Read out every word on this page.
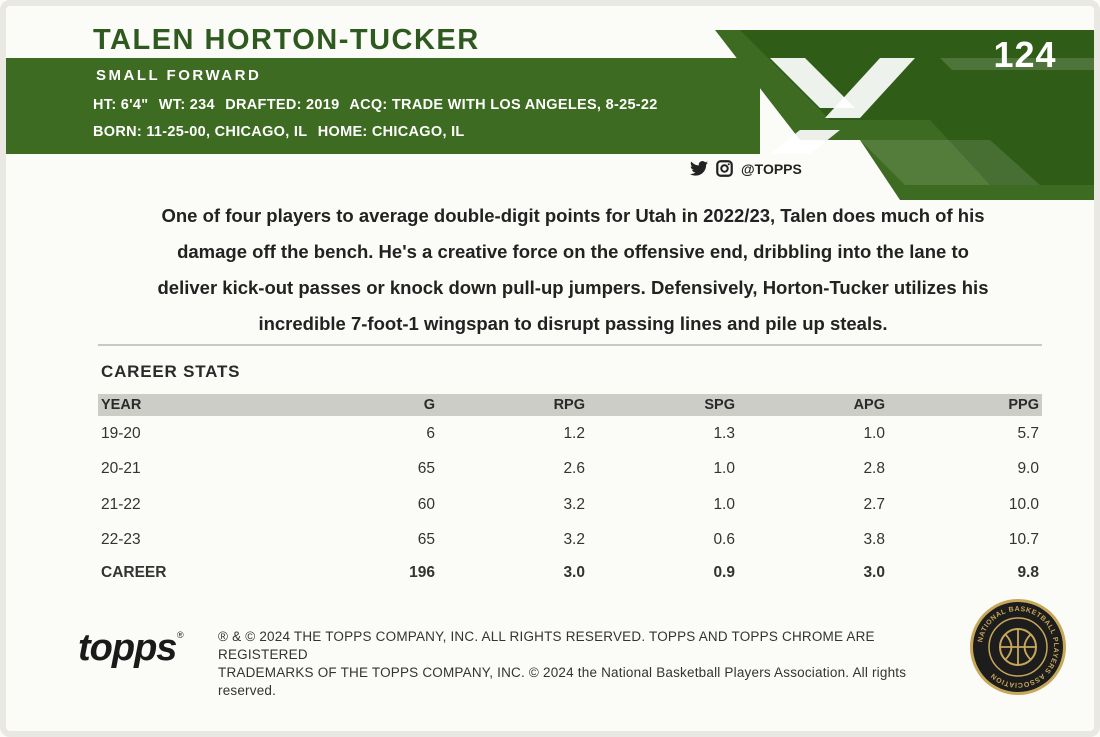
TALEN HORTON-TUCKER
SMALL FORWARD
HT: 6'4" WT: 234 DRAFTED: 2019 ACQ: TRADE WITH LOS ANGELES, 8-25-22
BORN: 11-25-00, CHICAGO, IL HOME: CHICAGO, IL
124
@TOPPS
One of four players to average double-digit points for Utah in 2022/23, Talen does much of his
damage off the bench. He's a creative force on the offensive end, dribbling into the lane to
deliver kick-out passes or knock down pull-up jumpers. Defensively, Horton-Tucker utilizes his
incredible 7-foot-1 wingspan to disrupt passing lines and pile up steals.
CAREER STATS
YEAR	G	RPG	SPG	APG	PPG
19-20	6	1.2	1.3	1.0	5.7
20-21	65	2.6	1.0	2.8	9.0
21-22	60	3.2	1.0	2.7	10.0
22-23	65	3.2	0.6	3.8	10.7
CAREER	196	3.0	0.9	3.0	9.8
topps ®	® & © 2024 THE TOPPS COMPANY, INC. ALL RIGHTS RESERVED. TOPPS AND TOPPS CHROME ARE REGISTERED
TRADEMARKS OF THE TOPPS COMPANY, INC. © 2024 the National Basketball Players Association. All rights reserved.
NATIONAL BASKETBALL PLAYERS ASSOCIATION
